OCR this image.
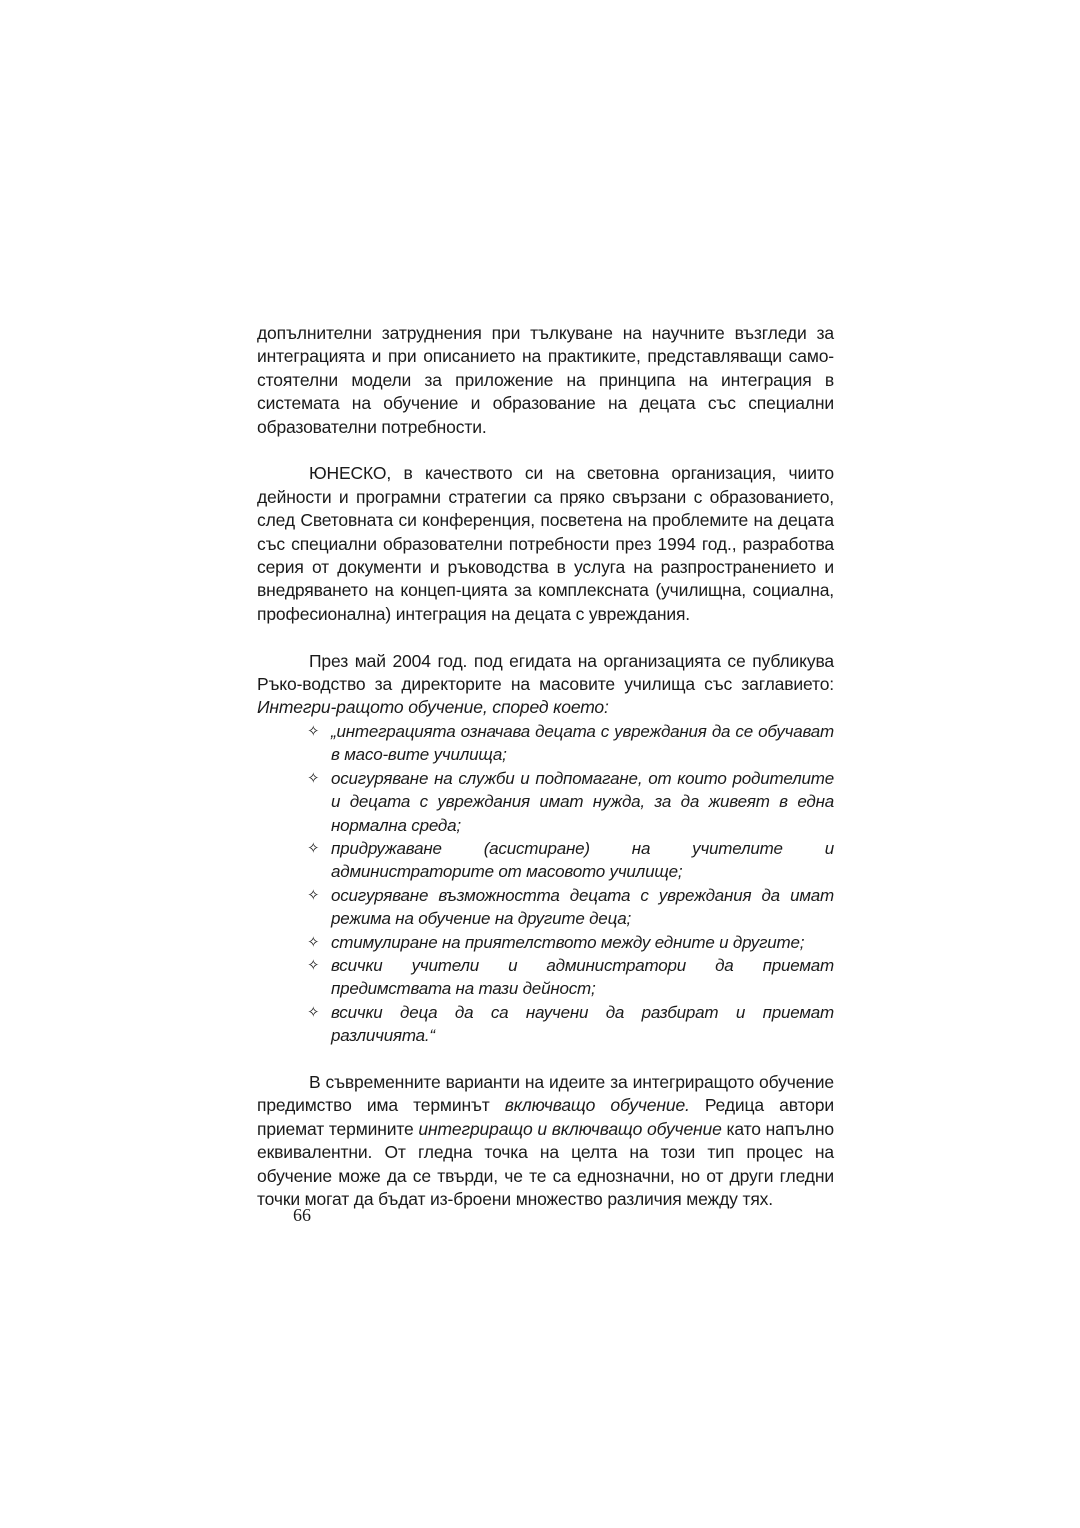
допълнителни затруднения при тълкуване на научните възгледи за интеграцията и при описанието на практиките, представляващи само-стоятелни модели за приложение на принципа на интеграция в системата на обучение и образование на децата със специални образователни потребности.

ЮНЕСКО, в качеството си на световна организация, чиито дейности и програмни стратегии са пряко свързани с образованието, след Световната си конференция, посветена на проблемите на децата със специални образователни потребности през 1994 год., разработва серия от документи и ръководства в услуга на разпространението и внедряването на концеп-цията за комплексната (училищна, социална, професионална) интеграция на децата с увреждания.

През май 2004 год. под егидата на организацията се публикува Ръко-водство за директорите на масовите училища със заглавието: Интегри-ращото обучение, според което:

✧ „интеграцията означава децата с увреждания да се обучават в масо-вите училища;
✧ осигуряване на служби и подпомагане, от които родителите и децата с увреждания имат нужда, за да живеят в една нормална среда;
✧ придружаване (асистиране) на учителите и администраторите от масовото училище;
✧ осигуряване възможността децата с увреждания да имат режима на обучение на другите деца;
✧ стимулиране на приятелството между едните и другите;
✧ всички учители и администратори да приемат предимствата на тази дейност;
✧ всички деца да са научени да разбират и приемат различията.“

В съвременните варианти на идеите за интегриращото обучение предимство има терминът включващо обучение. Редица автори приемат термините интегриращо и включващо обучение като напълно еквивалентни. От гледна точка на целта на този тип процес на обучение може да се твърди, че те са еднозначни, но от други гледни точки могат да бъдат из-броени множество различия между тях.

66
